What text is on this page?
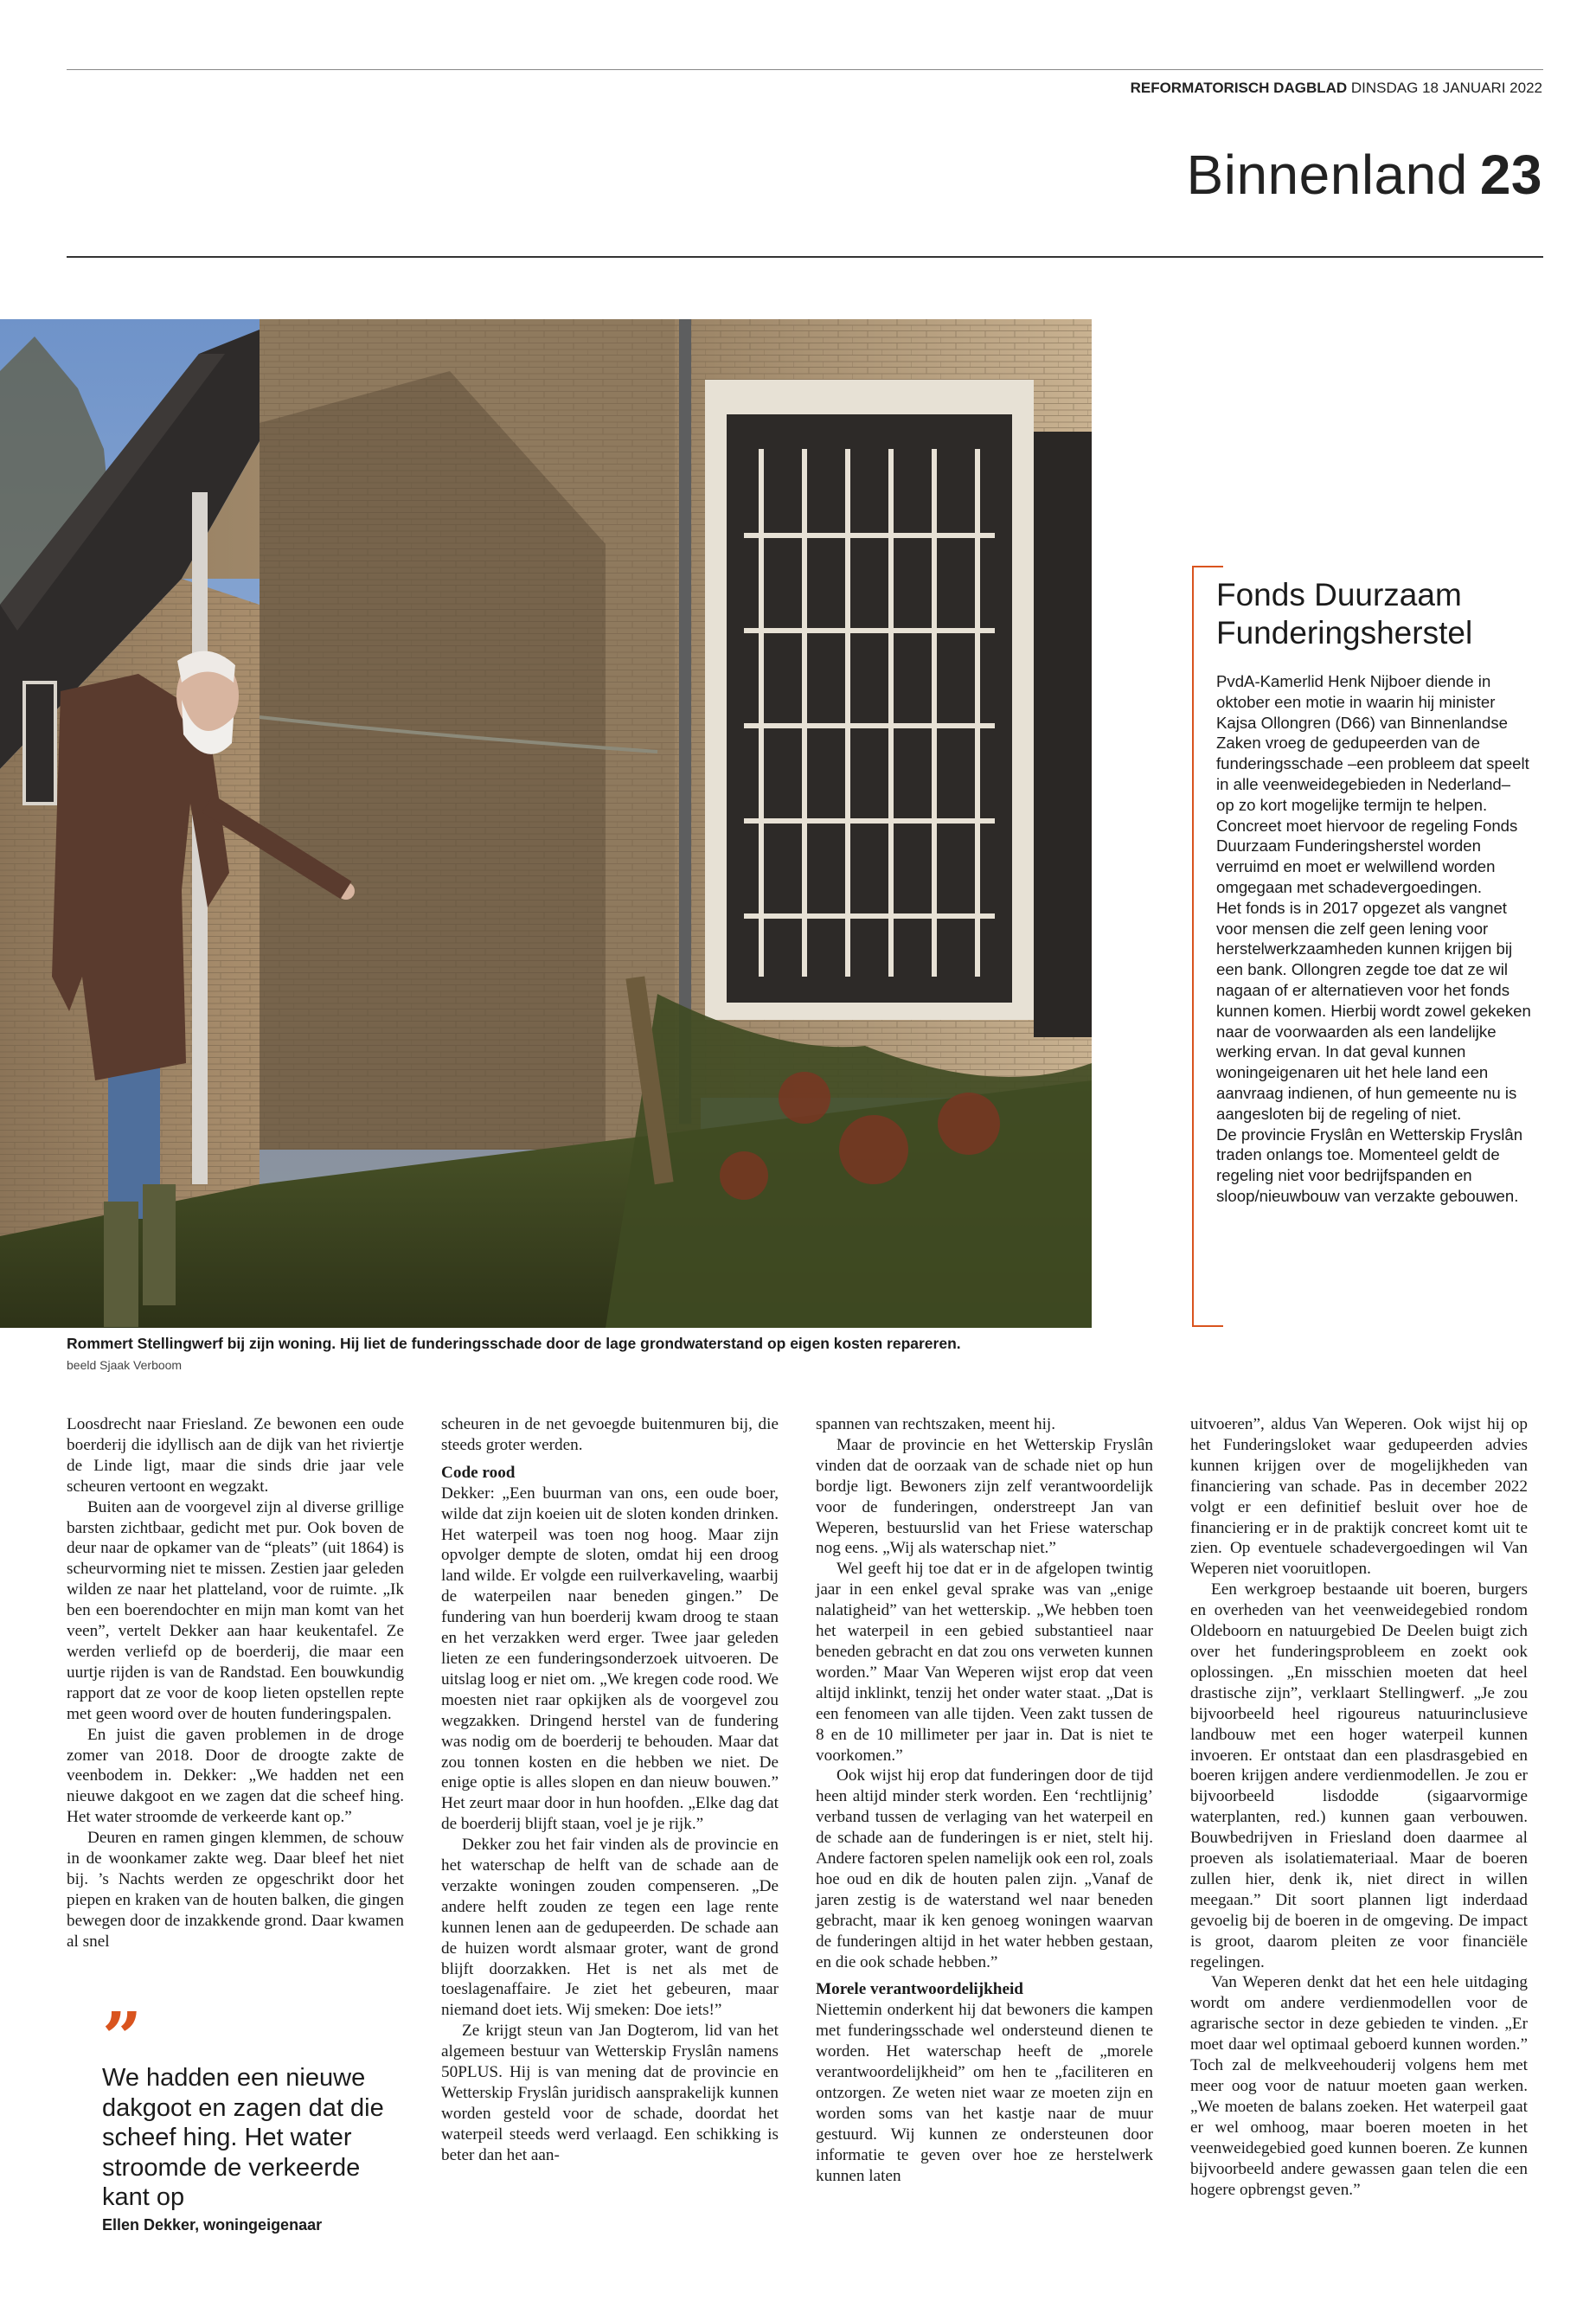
REFORMATORISCH DAGBLAD DINSDAG 18 JANUARI 2022
Binnenland 23
Rommert Stellingwerf bij zijn woning. Hij liet de funderingsschade door de lage grondwaterstand op eigen kosten repareren.
beeld Sjaak Verboom
Fonds Duurzaam Funderingsherstel

PvdA-Kamerlid Henk Nijboer diende in oktober een motie in waarin hij minister Kajsa Ollongren (D66) van Binnenlandse Zaken vroeg de gedupeerden van de funderingsschade –een probleem dat speelt in alle veenweidegebieden in Nederland– op zo kort mogelijke termijn te helpen. Concreet moet hiervoor de regeling Fonds Duurzaam Funderingsherstel worden verruimd en moet er welwillend worden omgegaan met schadevergoedingen.

Het fonds is in 2017 opgezet als vangnet voor mensen die zelf geen lening voor herstelwerkzaamheden kunnen krijgen bij een bank. Ollongren zegde toe dat ze wil nagaan of er alternatieven voor het fonds kunnen komen. Hierbij wordt zowel gekeken naar de voorwaarden als een landelijke werking ervan. In dat geval kunnen woningeigenaren uit het hele land een aanvraag indienen, of hun gemeente nu is aangesloten bij de regeling of niet.

De provincie Fryslân en Wetterskip Fryslân traden onlangs toe. Momenteel geldt de regeling niet voor bedrijfspanden en sloop/nieuwbouw van verzakte gebouwen.

Loosdrecht naar Friesland. Ze bewonen een oude boerderij die idyllisch aan de dijk van het riviertje de Linde ligt, maar die sinds drie jaar vele scheuren vertoont en wegzakt.

Buiten aan de voorgevel zijn al diverse grillige barsten zichtbaar, gedicht met pur. Ook boven de deur naar de opkamer van de “pleats” (uit 1864) is scheurvorming niet te missen. Zestien jaar geleden wilden ze naar het platteland, voor de ruimte. „Ik ben een boerendochter en mijn man komt van het veen”, vertelt Dekker aan haar keukentafel. Ze werden verliefd op de boerderij, die maar een uurtje rijden is van de Randstad. Een bouwkundig rapport dat ze voor de koop lieten opstellen repte met geen woord over de houten funderingspalen.

En juist die gaven problemen in de droge zomer van 2018. Door de droogte zakte de veenbodem in. Dekker: „We hadden net een nieuwe dakgoot en we zagen dat die scheef hing. Het water stroomde de verkeerde kant op.”

Deuren en ramen gingen klemmen, de schouw in de woonkamer zakte weg. Daar bleef het niet bij. ’s Nachts werden ze opgeschrikt door het piepen en kraken van de houten balken, die gingen bewegen door de inzakkende grond. Daar kwamen al snel

”
We hadden een nieuwe dakgoot en zagen dat die scheef hing. Het water stroomde de verkeerde kant op
Ellen Dekker, woningeigenaar

scheuren in de net gevoegde buitenmuren bij, die steeds groter werden.

Code rood

Dekker: „Een buurman van ons, een oude boer, wilde dat zijn koeien uit de sloten konden drinken. Het waterpeil was toen nog hoog. Maar zijn opvolger dempte de sloten, omdat hij een droog land wilde. Er volgde een ruilverkaveling, waarbij de waterpeilen naar beneden gingen.” De fundering van hun boerderij kwam droog te staan en het verzakken werd erger. Twee jaar geleden lieten ze een funderingsonderzoek uitvoeren. De uitslag loog er niet om. „We kregen code rood. We moesten niet raar opkijken als de voorgevel zou wegzakken. Dringend herstel van de fundering was nodig om de boerderij te behouden. Maar dat zou tonnen kosten en die hebben we niet. De enige optie is alles slopen en dan nieuw bouwen.” Het zeurt maar door in hun hoofden. „Elke dag dat de boerderij blijft staan, voel je je rijk.”

Dekker zou het fair vinden als de provincie en het waterschap de helft van de schade aan de verzakte woningen zouden compenseren. „De andere helft zouden ze tegen een lage rente kunnen lenen aan de gedupeerden. De schade aan de huizen wordt alsmaar groter, want de grond blijft doorzakken. Het is net als met de toeslagenaffaire. Je ziet het gebeuren, maar niemand doet iets. Wij smeken: Doe iets!”

Ze krijgt steun van Jan Dogterom, lid van het algemeen bestuur van Wetterskip Fryslân namens 50PLUS. Hij is van mening dat de provincie en Wetterskip Fryslân juridisch aansprakelijk kunnen worden gesteld voor de schade, doordat het waterpeil steeds werd verlaagd. Een schikking is beter dan het aan-

spannen van rechtszaken, meent hij.

Maar de provincie en het Wetterskip Fryslân vinden dat de oorzaak van de schade niet op hun bordje ligt. Bewoners zijn zelf verantwoordelijk voor de funderingen, onderstreept Jan van Weperen, bestuurslid van het Friese waterschap nog eens. „Wij als waterschap niet.”

Wel geeft hij toe dat er in de afgelopen twintig jaar in een enkel geval sprake was van „enige nalatigheid” van het wetterskip. „We hebben toen het waterpeil in een gebied substantieel naar beneden gebracht en dat zou ons verweten kunnen worden.” Maar Van Weperen wijst erop dat veen altijd inklinkt, tenzij het onder water staat. „Dat is een fenomeen van alle tijden. Veen zakt tussen de 8 en de 10 millimeter per jaar in. Dat is niet te voorkomen.”

Ook wijst hij erop dat funderingen door de tijd heen altijd minder sterk worden. Een ‘rechtlijnig’ verband tussen de verlaging van het waterpeil en de schade aan de funderingen is er niet, stelt hij. Andere factoren spelen namelijk ook een rol, zoals hoe oud en dik de houten palen zijn. „Vanaf de jaren zestig is de waterstand wel naar beneden gebracht, maar ik ken genoeg woningen waarvan de funderingen altijd in het water hebben gestaan, en die ook schade hebben.”

Morele verantwoordelijkheid

Niettemin onderkent hij dat bewoners die kampen met funderingsschade wel ondersteund dienen te worden. Het waterschap heeft de „morele verantwoordelijkheid” om hen te „faciliteren en ontzorgen. Ze weten niet waar ze moeten zijn en worden soms van het kastje naar de muur gestuurd. Wij kunnen ze ondersteunen door informatie te geven over hoe ze herstelwerk kunnen laten

uitvoeren”, aldus Van Weperen. Ook wijst hij op het Funderingsloket waar gedupeerden advies kunnen krijgen over de mogelijkheden van financiering van schade. Pas in december 2022 volgt er een definitief besluit over hoe de financiering er in de praktijk concreet komt uit te zien. Op eventuele schadevergoedingen wil Van Weperen niet vooruitlopen.

Een werkgroep bestaande uit boeren, burgers en overheden van het veenweidegebied rondom Oldeboorn en natuurgebied De Deelen buigt zich over het funderingsprobleem en zoekt ook oplossingen. „En misschien moeten dat heel drastische zijn”, verklaart Stellingwerf. „Je zou bijvoorbeeld heel rigoureus natuurinclusieve landbouw met een hoger waterpeil kunnen invoeren. Er ontstaat dan een plasdrasgebied en boeren krijgen andere verdienmodellen. Je zou er bijvoorbeeld lisdodde (sigaarvormige waterplanten, red.) kunnen gaan verbouwen. Bouwbedrijven in Friesland doen daarmee al proeven als isolatiemateriaal. Maar de boeren zullen hier, denk ik, niet direct in willen meegaan.” Dit soort plannen ligt inderdaad gevoelig bij de boeren in de omgeving. De impact is groot, daarom pleiten ze voor financiële regelingen.

Van Weperen denkt dat het een hele uitdaging wordt om andere verdienmodellen voor de agrarische sector in deze gebieden te vinden. „Er moet daar wel optimaal geboerd kunnen worden.” Toch zal de melkveehouderij volgens hem met meer oog voor de natuur moeten gaan werken. „We moeten de balans zoeken. Het waterpeil gaat er wel omhoog, maar boeren moeten in het veenweidegebied goed kunnen boeren. Ze kunnen bijvoorbeeld andere gewassen gaan telen die een hogere opbrengst geven.”
